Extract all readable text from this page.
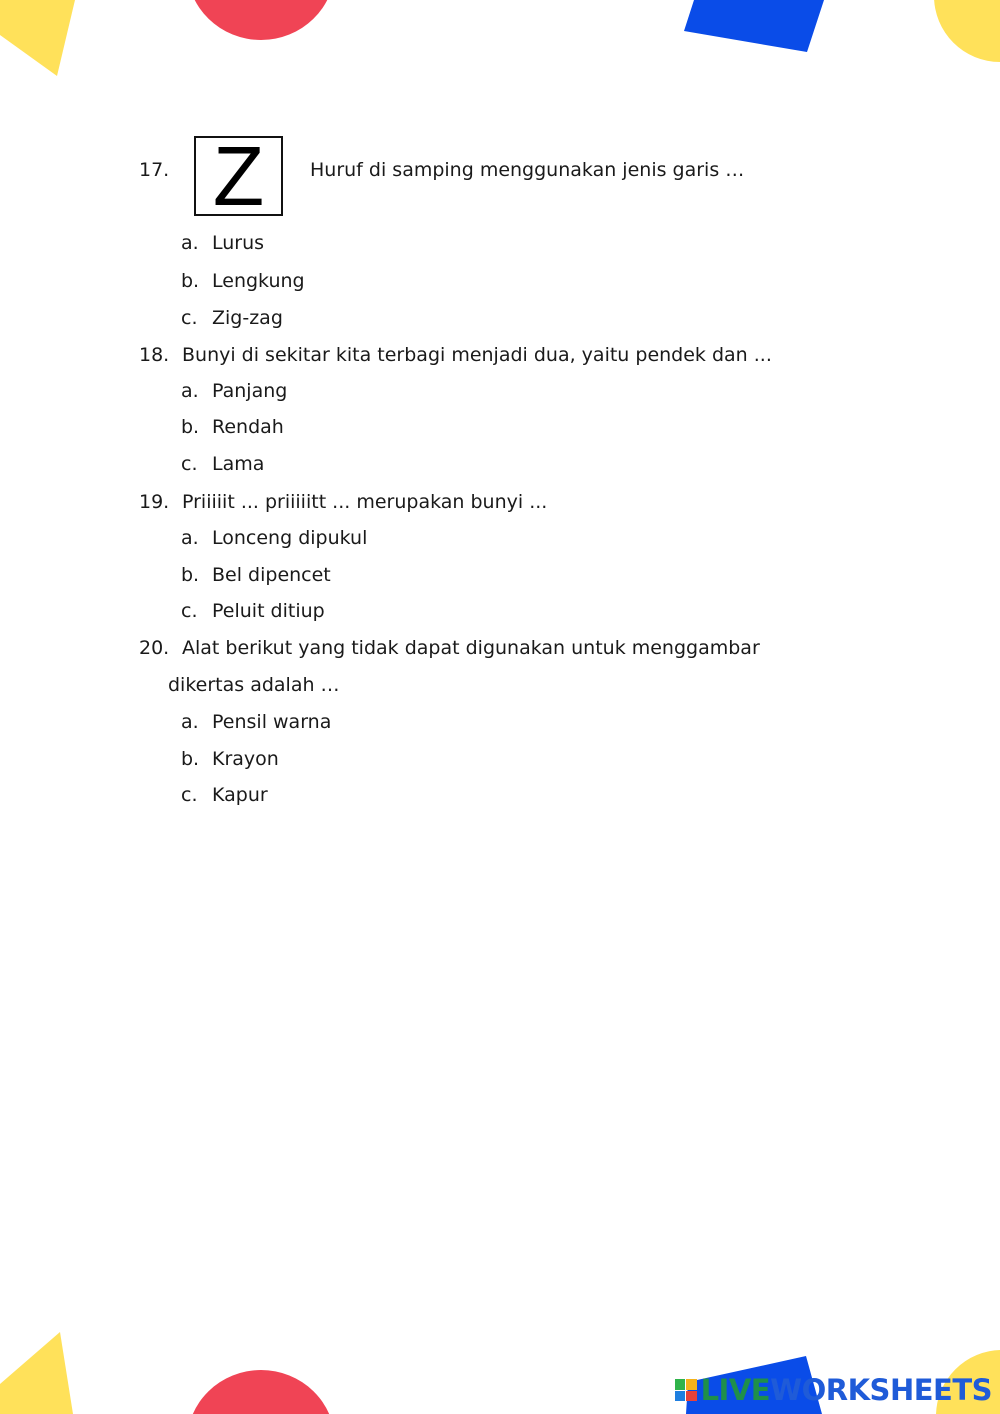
17. Z	Huruf di samping menggunakan jenis garis …
a. Lurus
b. Lengkung
c. Zig-zag
18. Bunyi di sekitar kita terbagi menjadi dua, yaitu pendek dan ...
a. Panjang
b. Rendah
c. Lama
19. Priiiiit ... priiiiitt ... merupakan bunyi ...
a. Lonceng dipukul
b. Bel dipencet
c. Peluit ditiup
20. Alat berikut yang tidak dapat digunakan untuk menggambar
dikertas adalah …
a. Pensil warna
b. Krayon
c. Kapur
LIVE WORKSHEETS
